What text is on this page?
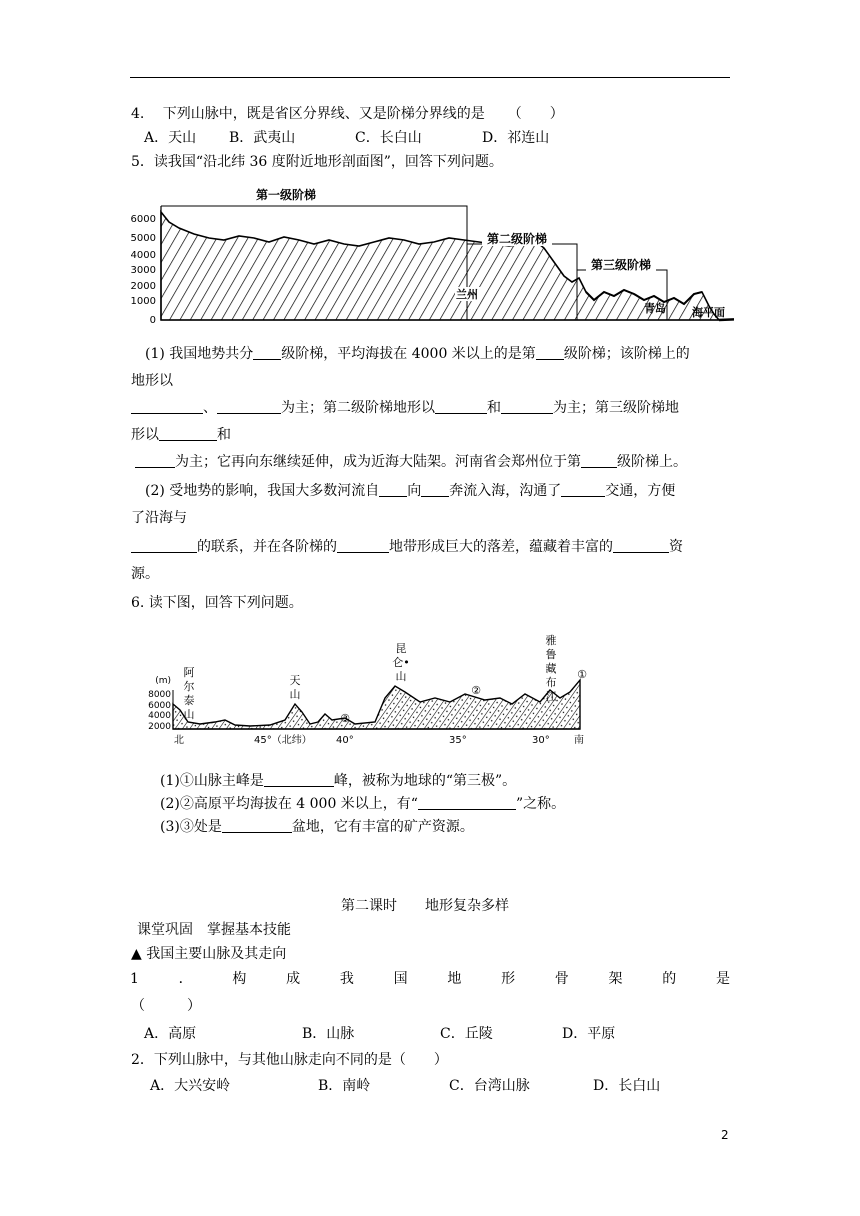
4.　 下列山脉中，既是省区分界线、又是阶梯分界线的是 　 （　　）
A．天山 B．武夷山	C．长白山	D．祁连山
5．读我国“沿北纬 36 度附近地形剖面图”，回答下列问题。
6000
5000
4000
3000
2000
1000
0
第一级阶梯
第二级阶梯
第三级阶梯
兰州
青岛 海平面
(1) 我国地势共分 级阶梯，平均海拔在 4000 米以上的是第 级阶梯；该阶梯上的
地形以
、	为主；第二级阶梯地形以	和	为主；第三级阶梯地
形以	和
为主；它再向东继续延伸，成为近海大陆架。河南省会郑州位于第	级阶梯上。
(2) 受地势的影响，我国大多数河流自 向 奔流入海，沟通了	交通，方便
了沿海与
的联系，并在各阶梯的	地带形成巨大的落差，蕴藏着丰富的	资
源。
6. 读下图，回答下列问题。
(m)
8000
6000
4000
2000
阿
尔
泰
山
天
山
昆
仑•
山
雅
鲁
藏
布
江
①
②
③
北	45°（北纬） 40°	35°	30° 南
(1)①山脉主峰是	峰，被称为地球的“第三极”。
(2)②高原平均海拔在 4 000 米以上，有“	”之称。
(3)③处是	盆地，它有丰富的矿产资源。
第二课时　　地形复杂多样
课堂巩固　掌握基本技能
▲ 我国主要山脉及其走向
1	．	构	成	我	国	地	形	骨	架	的	是
（　　　）
A．高原	B．山脉	C．丘陵	D．平原
2．下列山脉中，与其他山脉走向不同的是（　　）
A．大兴安岭	B．南岭	C．台湾山脉	D．长白山
2
